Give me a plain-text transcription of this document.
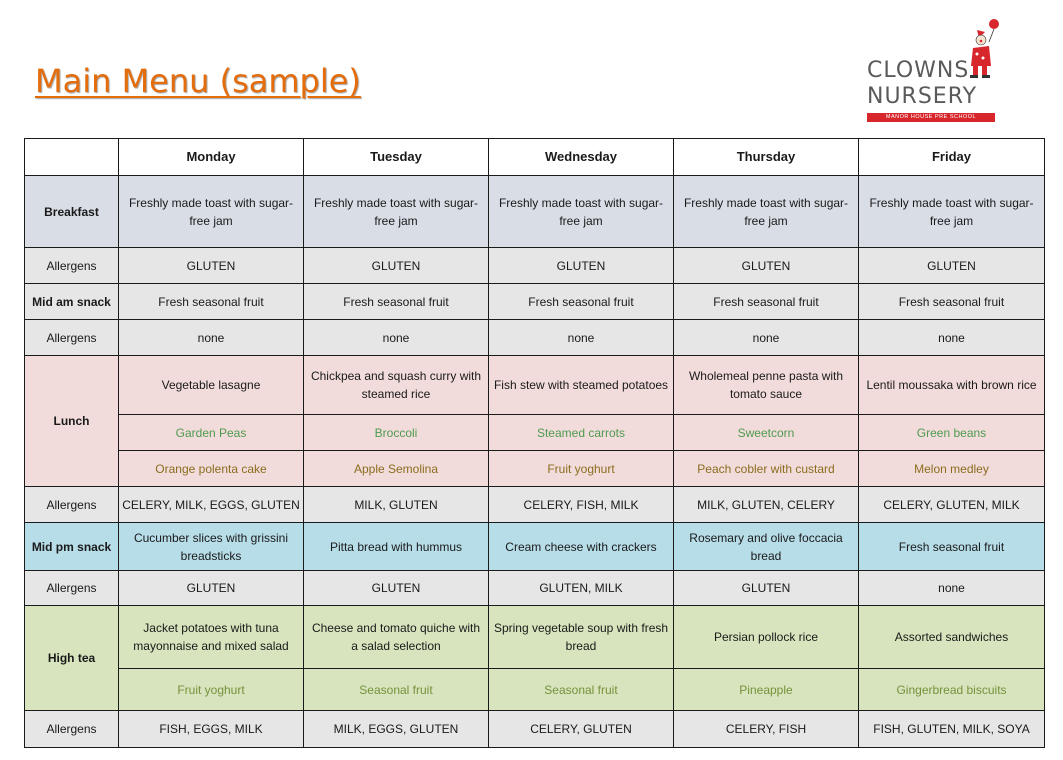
Main Menu (sample)	CLOWNS
NURSERY
MANOR HOUSE PRE SCHOOL
	Monday	Tuesday	Wednesday	Thursday	Friday
Breakfast	Freshly made toast with sugar-free jam	Freshly made toast with sugar-free jam	Freshly made toast with sugar-free jam	Freshly made toast with sugar-free jam	Freshly made toast with sugar-free jam
Allergens	GLUTEN	GLUTEN	GLUTEN	GLUTEN	GLUTEN
Mid am snack	Fresh seasonal fruit	Fresh seasonal fruit	Fresh seasonal fruit	Fresh seasonal fruit	Fresh seasonal fruit
Allergens	none	none	none	none	none
Lunch	Vegetable lasagne	Chickpea and squash curry with steamed rice	Fish stew with steamed potatoes	Wholemeal penne pasta with tomato sauce	Lentil moussaka with brown rice
	Garden Peas	Broccoli	Steamed carrots	Sweetcorn	Green beans
	Orange polenta cake	Apple Semolina	Fruit yoghurt	Peach cobler with custard	Melon medley
Allergens	CELERY, MILK, EGGS, GLUTEN	MILK, GLUTEN	CELERY, FISH, MILK	MILK, GLUTEN, CELERY	CELERY, GLUTEN, MILK
Mid pm snack	Cucumber slices with grissini breadsticks	Pitta bread with hummus	Cream cheese with crackers	Rosemary and olive foccacia bread	Fresh seasonal fruit
Allergens	GLUTEN	GLUTEN	GLUTEN, MILK	GLUTEN	none
High tea	Jacket potatoes with tuna mayonnaise and mixed salad	Cheese and tomato quiche with a salad selection	Spring vegetable soup with fresh bread	Persian pollock rice	Assorted sandwiches
	Fruit yoghurt	Seasonal fruit	Seasonal fruit	Pineapple	Gingerbread biscuits
Allergens	FISH, EGGS, MILK	MILK, EGGS, GLUTEN	CELERY, GLUTEN	CELERY, FISH	FISH, GLUTEN, MILK, SOYA
